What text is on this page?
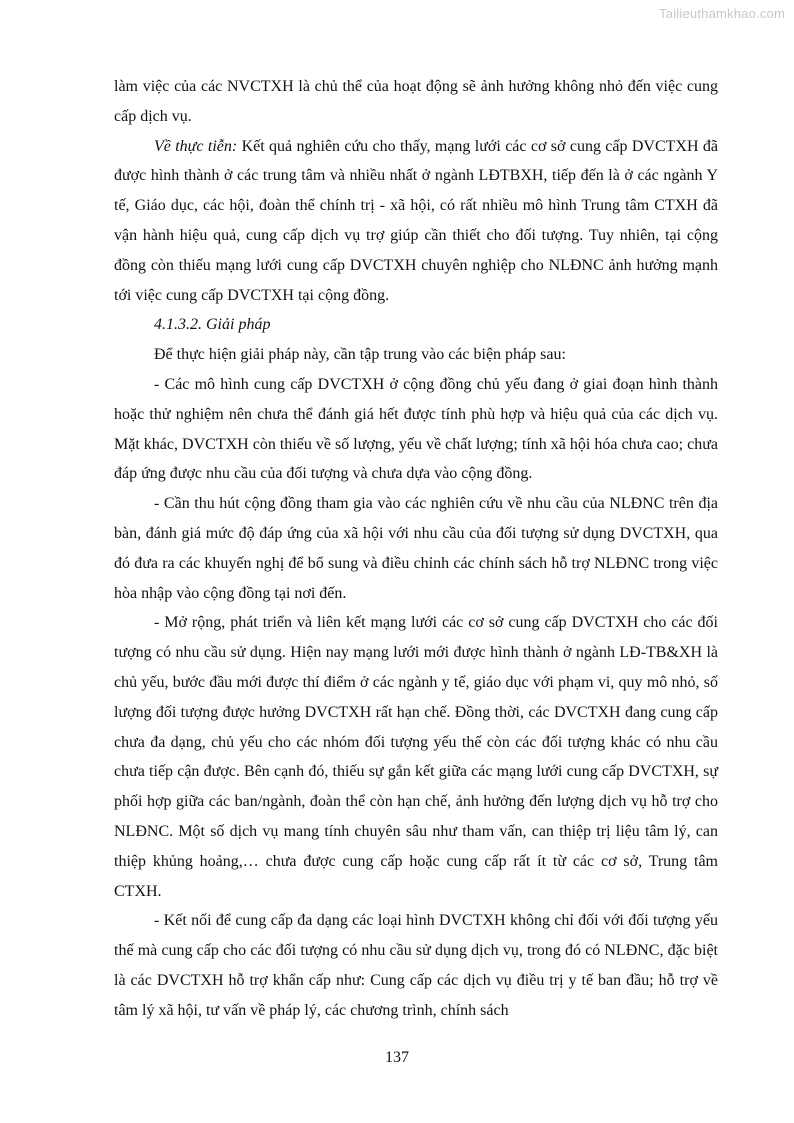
Tailieuthamkhao.com

làm việc của các NVCTXH là chủ thể của hoạt động sẽ ảnh hưởng không nhỏ đến việc cung cấp dịch vụ.

Về thực tiễn: Kết quả nghiên cứu cho thấy, mạng lưới các cơ sở cung cấp DVCTXH đã được hình thành ở các trung tâm và nhiều nhất ở ngành LĐTBXH, tiếp đến là ở các ngành Y tế, Giáo dục, các hội, đoàn thể chính trị - xã hội, có rất nhiều mô hình Trung tâm CTXH đã vận hành hiệu quả, cung cấp dịch vụ trợ giúp cần thiết cho đối tượng. Tuy nhiên, tại cộng đồng còn thiếu mạng lưới cung cấp DVCTXH chuyên nghiệp cho NLĐNC ảnh hưởng mạnh tới việc cung cấp DVCTXH tại cộng đồng.

4.1.3.2. Giải pháp

Để thực hiện giải pháp này, cần tập trung vào các biện pháp sau:

- Các mô hình cung cấp DVCTXH ở cộng đồng chủ yếu đang ở giai đoạn hình thành hoặc thử nghiệm nên chưa thể đánh giá hết được tính phù hợp và hiệu quả của các dịch vụ. Mặt khác, DVCTXH còn thiếu về số lượng, yếu về chất lượng; tính xã hội hóa chưa cao; chưa đáp ứng được nhu cầu của đối tượng và chưa dựa vào cộng đồng.

- Cần thu hút cộng đồng tham gia vào các nghiên cứu về nhu cầu của NLĐNC trên địa bàn, đánh giá mức độ đáp ứng của xã hội với nhu cầu của đối tượng sử dụng DVCTXH, qua đó đưa ra các khuyến nghị để bổ sung và điều chỉnh các chính sách hỗ trợ NLĐNC trong việc hòa nhập vào cộng đồng tại nơi đến.

- Mở rộng, phát triển và liên kết mạng lưới các cơ sở cung cấp DVCTXH cho các đối tượng có nhu cầu sử dụng. Hiện nay mạng lưới mới được hình thành ở ngành LĐ-TB&XH là chủ yếu, bước đầu mới được thí điểm ở các ngành y tế, giáo dục với phạm vi, quy mô nhỏ, số lượng đối tượng được hưởng DVCTXH rất hạn chế. Đồng thời, các DVCTXH đang cung cấp chưa đa dạng, chủ yếu cho các nhóm đối tượng yếu thế còn các đối tượng khác có nhu cầu chưa tiếp cận được. Bên cạnh đó, thiếu sự gắn kết giữa các mạng lưới cung cấp DVCTXH, sự phối hợp giữa các ban/ngành, đoàn thể còn hạn chế, ảnh hưởng đến lượng dịch vụ hỗ trợ cho NLĐNC. Một số dịch vụ mang tính chuyên sâu như tham vấn, can thiệp trị liệu tâm lý, can thiệp khủng hoảng,… chưa được cung cấp hoặc cung cấp rất ít từ các cơ sở, Trung tâm CTXH.

- Kết nối để cung cấp đa dạng các loại hình DVCTXH không chỉ đối với đối tượng yếu thế mà cung cấp cho các đối tượng có nhu cầu sử dụng dịch vụ, trong đó có NLĐNC, đặc biệt là các DVCTXH hỗ trợ khẩn cấp như: Cung cấp các dịch vụ điều trị y tế ban đầu; hỗ trợ về tâm lý xã hội, tư vấn về pháp lý, các chương trình, chính sách

137
